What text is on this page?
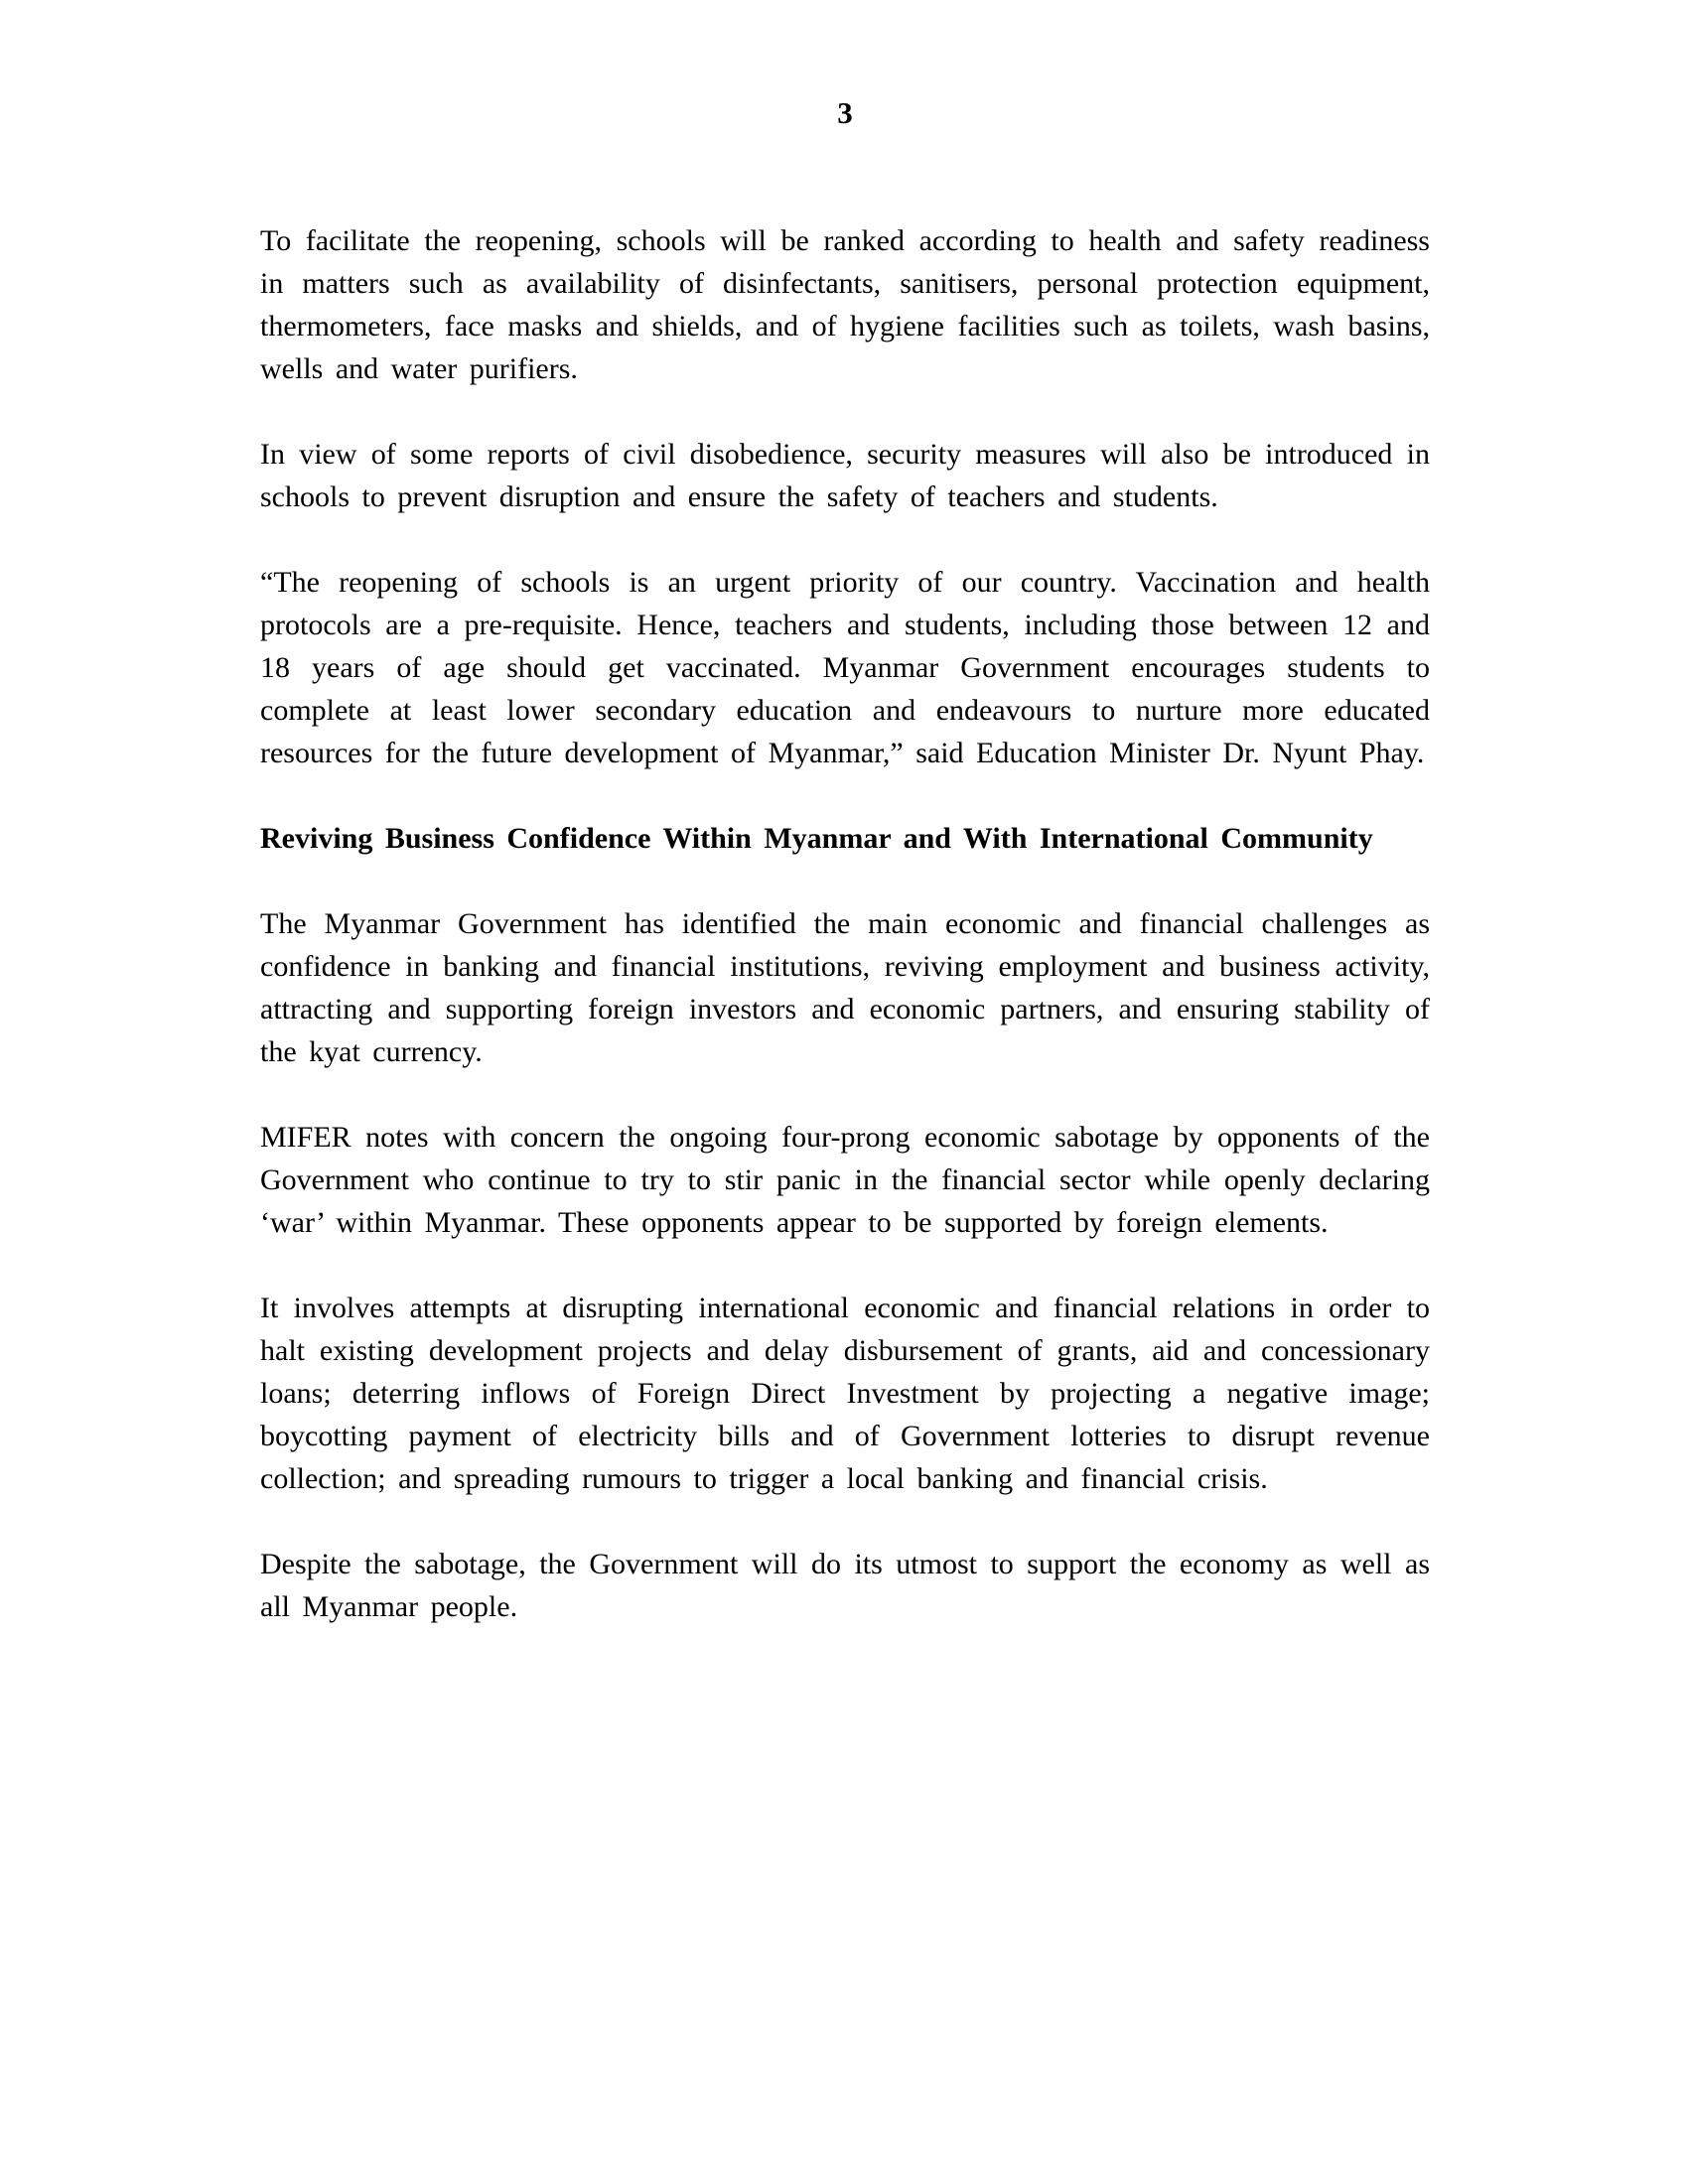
3

To facilitate the reopening, schools will be ranked according to health and safety readiness in matters such as availability of disinfectants, sanitisers, personal protection equipment, thermometers, face masks and shields, and of hygiene facilities such as toilets, wash basins, wells and water purifiers.

In view of some reports of civil disobedience, security measures will also be introduced in schools to prevent disruption and ensure the safety of teachers and students.

“The reopening of schools is an urgent priority of our country. Vaccination and health protocols are a pre-requisite. Hence, teachers and students, including those between 12 and 18 years of age should get vaccinated. Myanmar Government encourages students to complete at least lower secondary education and endeavours to nurture more educated resources for the future development of Myanmar,” said Education Minister Dr. Nyunt Phay.

Reviving Business Confidence Within Myanmar and With International Community

The Myanmar Government has identified the main economic and financial challenges as confidence in banking and financial institutions, reviving employment and business activity, attracting and supporting foreign investors and economic partners, and ensuring stability of the kyat currency.

MIFER notes with concern the ongoing four-prong economic sabotage by opponents of the Government who continue to try to stir panic in the financial sector while openly declaring ‘war’ within Myanmar. These opponents appear to be supported by foreign elements.

It involves attempts at disrupting international economic and financial relations in order to halt existing development projects and delay disbursement of grants, aid and concessionary loans; deterring inflows of Foreign Direct Investment by projecting a negative image; boycotting payment of electricity bills and of Government lotteries to disrupt revenue collection; and spreading rumours to trigger a local banking and financial crisis.

Despite the sabotage, the Government will do its utmost to support the economy as well as all Myanmar people.
